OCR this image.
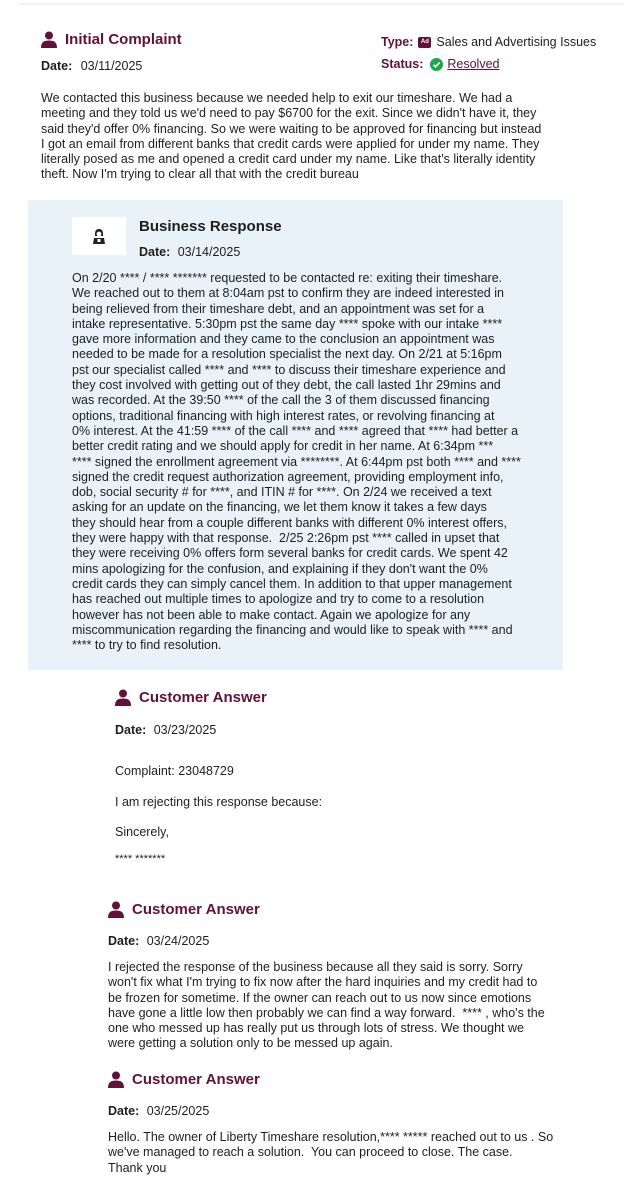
Initial Complaint
Date: 03/11/2025
Type:	Ad Sales and Advertising Issues
Status: Resolved
We contacted this business because we needed help to exit our timeshare. We had a
meeting and they told us we'd need to pay $6700 for the exit. Since we didn't have it, they
said they'd offer 0% financing. So we were waiting to be approved for financing but instead
I got an email from different banks that credit cards were applied for under my name. They
literally posed as me and opened a credit card under my name. Like that's literally identity
theft. Now I'm trying to clear all that with the credit bureau
Business Response
Date: 03/14/2025
On 2/20 **** / **** ******* requested to be contacted re: exiting their timeshare.
We reached out to them at 8:04am pst to confirm they are indeed interested in
being relieved from their timeshare debt, and an appointment was set for a
intake representative. 5:30pm pst the same day **** spoke with our intake ****
gave more information and they came to the conclusion an appointment was
needed to be made for a resolution specialist the next day. On 2/21 at 5:16pm
pst our specialist called **** and **** to discuss their timeshare experience and
they cost involved with getting out of they debt, the call lasted 1hr 29mins and
was recorded. At the 39:50 **** of the call the 3 of them discussed financing
options, traditional financing with high interest rates, or revolving financing at
0% interest. At the 41:59 **** of the call **** and **** agreed that **** had better a
better credit rating and we should apply for credit in her name. At 6:34pm ***
**** signed the enrollment agreement via ********. At 6:44pm pst both **** and ****
signed the credit request authorization agreement, providing employment info,
dob, social security # for ****, and ITIN # for ****. On 2/24 we received a text
asking for an update on the financing, we let them know it takes a few days
they should hear from a couple different banks with different 0% interest offers,
they were happy with that response.  2/25 2:26pm pst **** called in upset that
they were receiving 0% offers form several banks for credit cards. We spent 42
mins apologizing for the confusion, and explaining if they don't want the 0%
credit cards they can simply cancel them. In addition to that upper management
has reached out multiple times to apologize and try to come to a resolution
however has not been able to make contact. Again we apologize for any
miscommunication regarding the financing and would like to speak with **** and
**** to try to find resolution.
Customer Answer
Date: 03/23/2025
Complaint: 23048729
I am rejecting this response because:
Sincerely,
**** *******
Customer Answer
Date: 03/24/2025
I rejected the response of the business because all they said is sorry. Sorry
won't fix what I'm trying to fix now after the hard inquiries and my credit had to
be frozen for sometime. If the owner can reach out to us now since emotions
have gone a little low then probably we can find a way forward.  **** , who's the
one who messed up has really put us through lots of stress. We thought we
were getting a solution only to be messed up again.
Customer Answer
Date: 03/25/2025
Hello. The owner of Liberty Timeshare resolution,**** ***** reached out to us . So
we've managed to reach a solution.  You can proceed to close. The case.
Thank you
